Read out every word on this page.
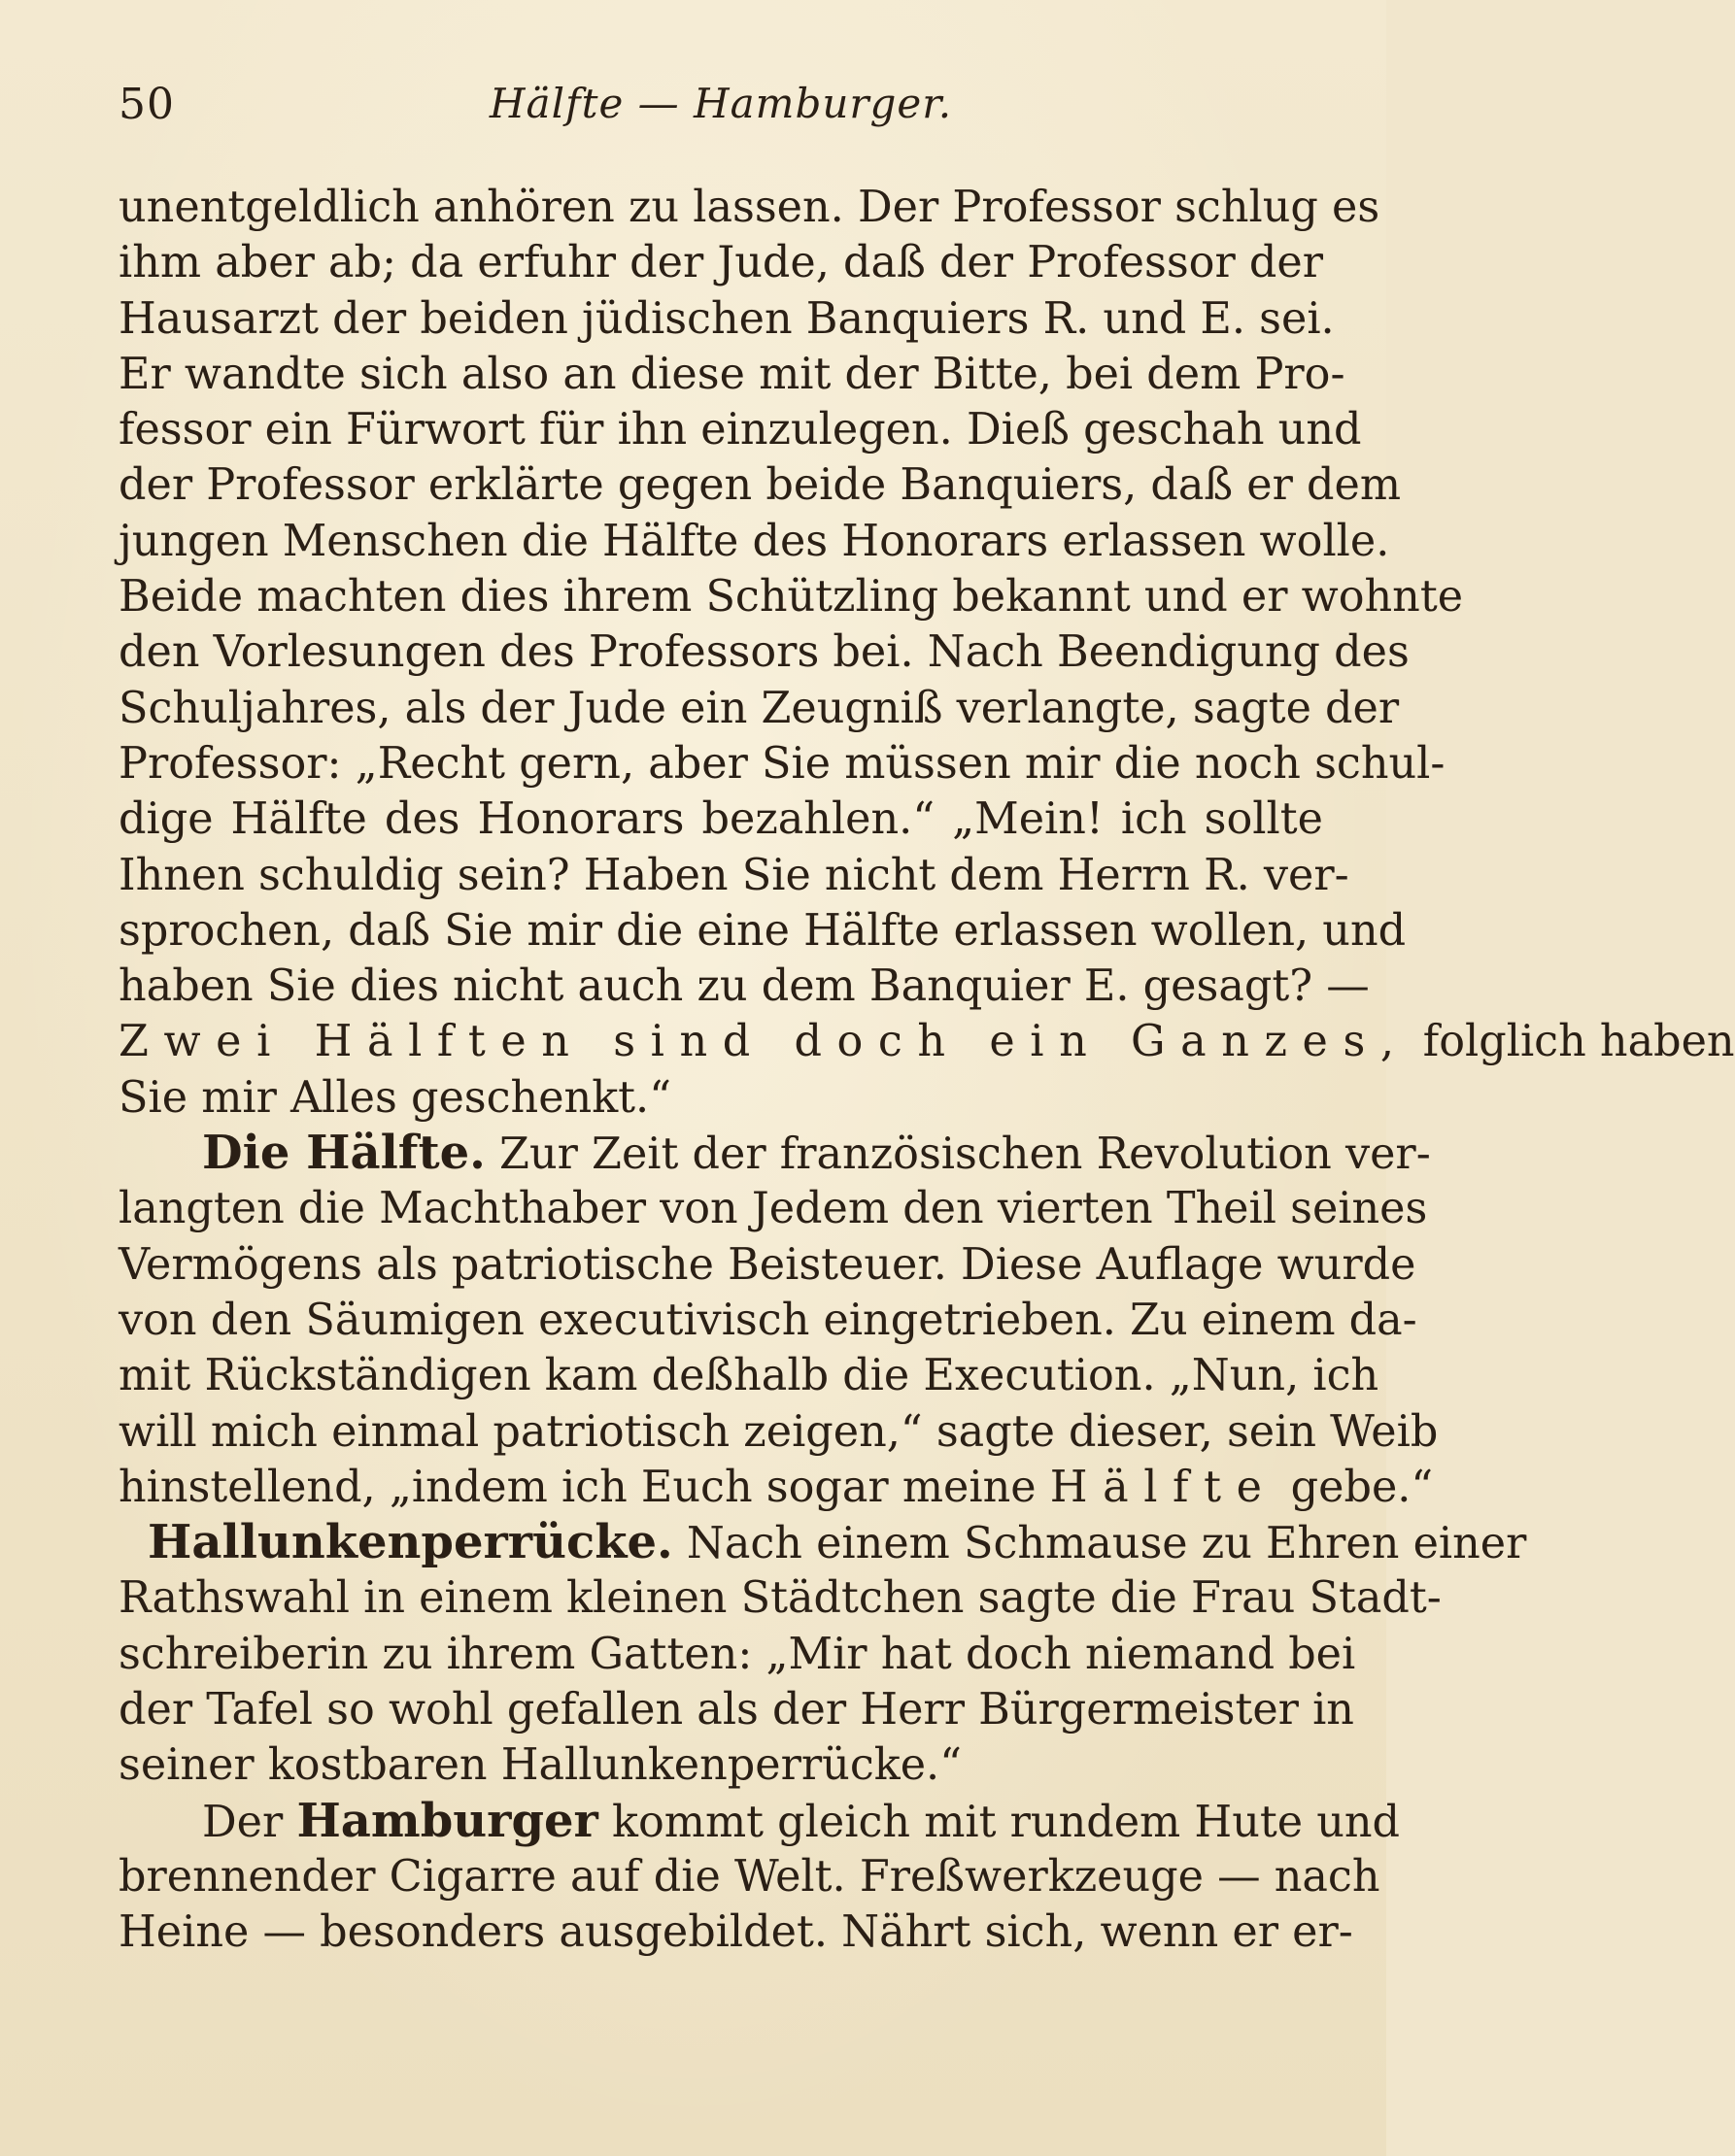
50	Hälfte — Hamburger.
unentgeldlich anhören zu lassen. Der Professor schlug es
ihm aber ab; da erfuhr der Jude, daß der Professor der
Hausarzt der beiden jüdischen Banquiers R. und E. sei.
Er wandte sich also an diese mit der Bitte, bei dem Pro-
fessor ein Fürwort für ihn einzulegen. Dieß geschah und
der Professor erklärte gegen beide Banquiers, daß er dem
jungen Menschen die Hälfte des Honorars erlassen wolle.
Beide machten dies ihrem Schützling bekannt und er wohnte
den Vorlesungen des Professors bei. Nach Beendigung des
Schuljahres, als der Jude ein Zeugniß verlangte, sagte der
Professor: „Recht gern, aber Sie müssen mir die noch schul-
dige Hälfte des Honorars bezahlen.“ „Mein! ich sollte
Ihnen schuldig sein? Haben Sie nicht dem Herrn R. ver-
sprochen, daß Sie mir die eine Hälfte erlassen wollen, und
haben Sie dies nicht auch zu dem Banquier E. gesagt? —
Zwei Hälften sind doch ein Ganzes, folglich haben
Sie mir Alles geschenkt.“
Die Hälfte. Zur Zeit der französischen Revolution ver-
langten die Machthaber von Jedem den vierten Theil seines
Vermögens als patriotische Beisteuer. Diese Auflage wurde
von den Säumigen executivisch eingetrieben. Zu einem da-
mit Rückständigen kam deßhalb die Execution. „Nun, ich
will mich einmal patriotisch zeigen,“ sagte dieser, sein Weib
hinstellend, „indem ich Euch sogar meine Hälfte gebe.“
Hallunkenperrücke. Nach einem Schmause zu Ehren einer
Rathswahl in einem kleinen Städtchen sagte die Frau Stadt-
schreiberin zu ihrem Gatten: „Mir hat doch niemand bei
der Tafel so wohl gefallen als der Herr Bürgermeister in
seiner kostbaren Hallunkenperrücke.“
Der Hamburger kommt gleich mit rundem Hute und
brennender Cigarre auf die Welt. Freßwerkzeuge — nach
Heine — besonders ausgebildet. Nährt sich, wenn er er-
